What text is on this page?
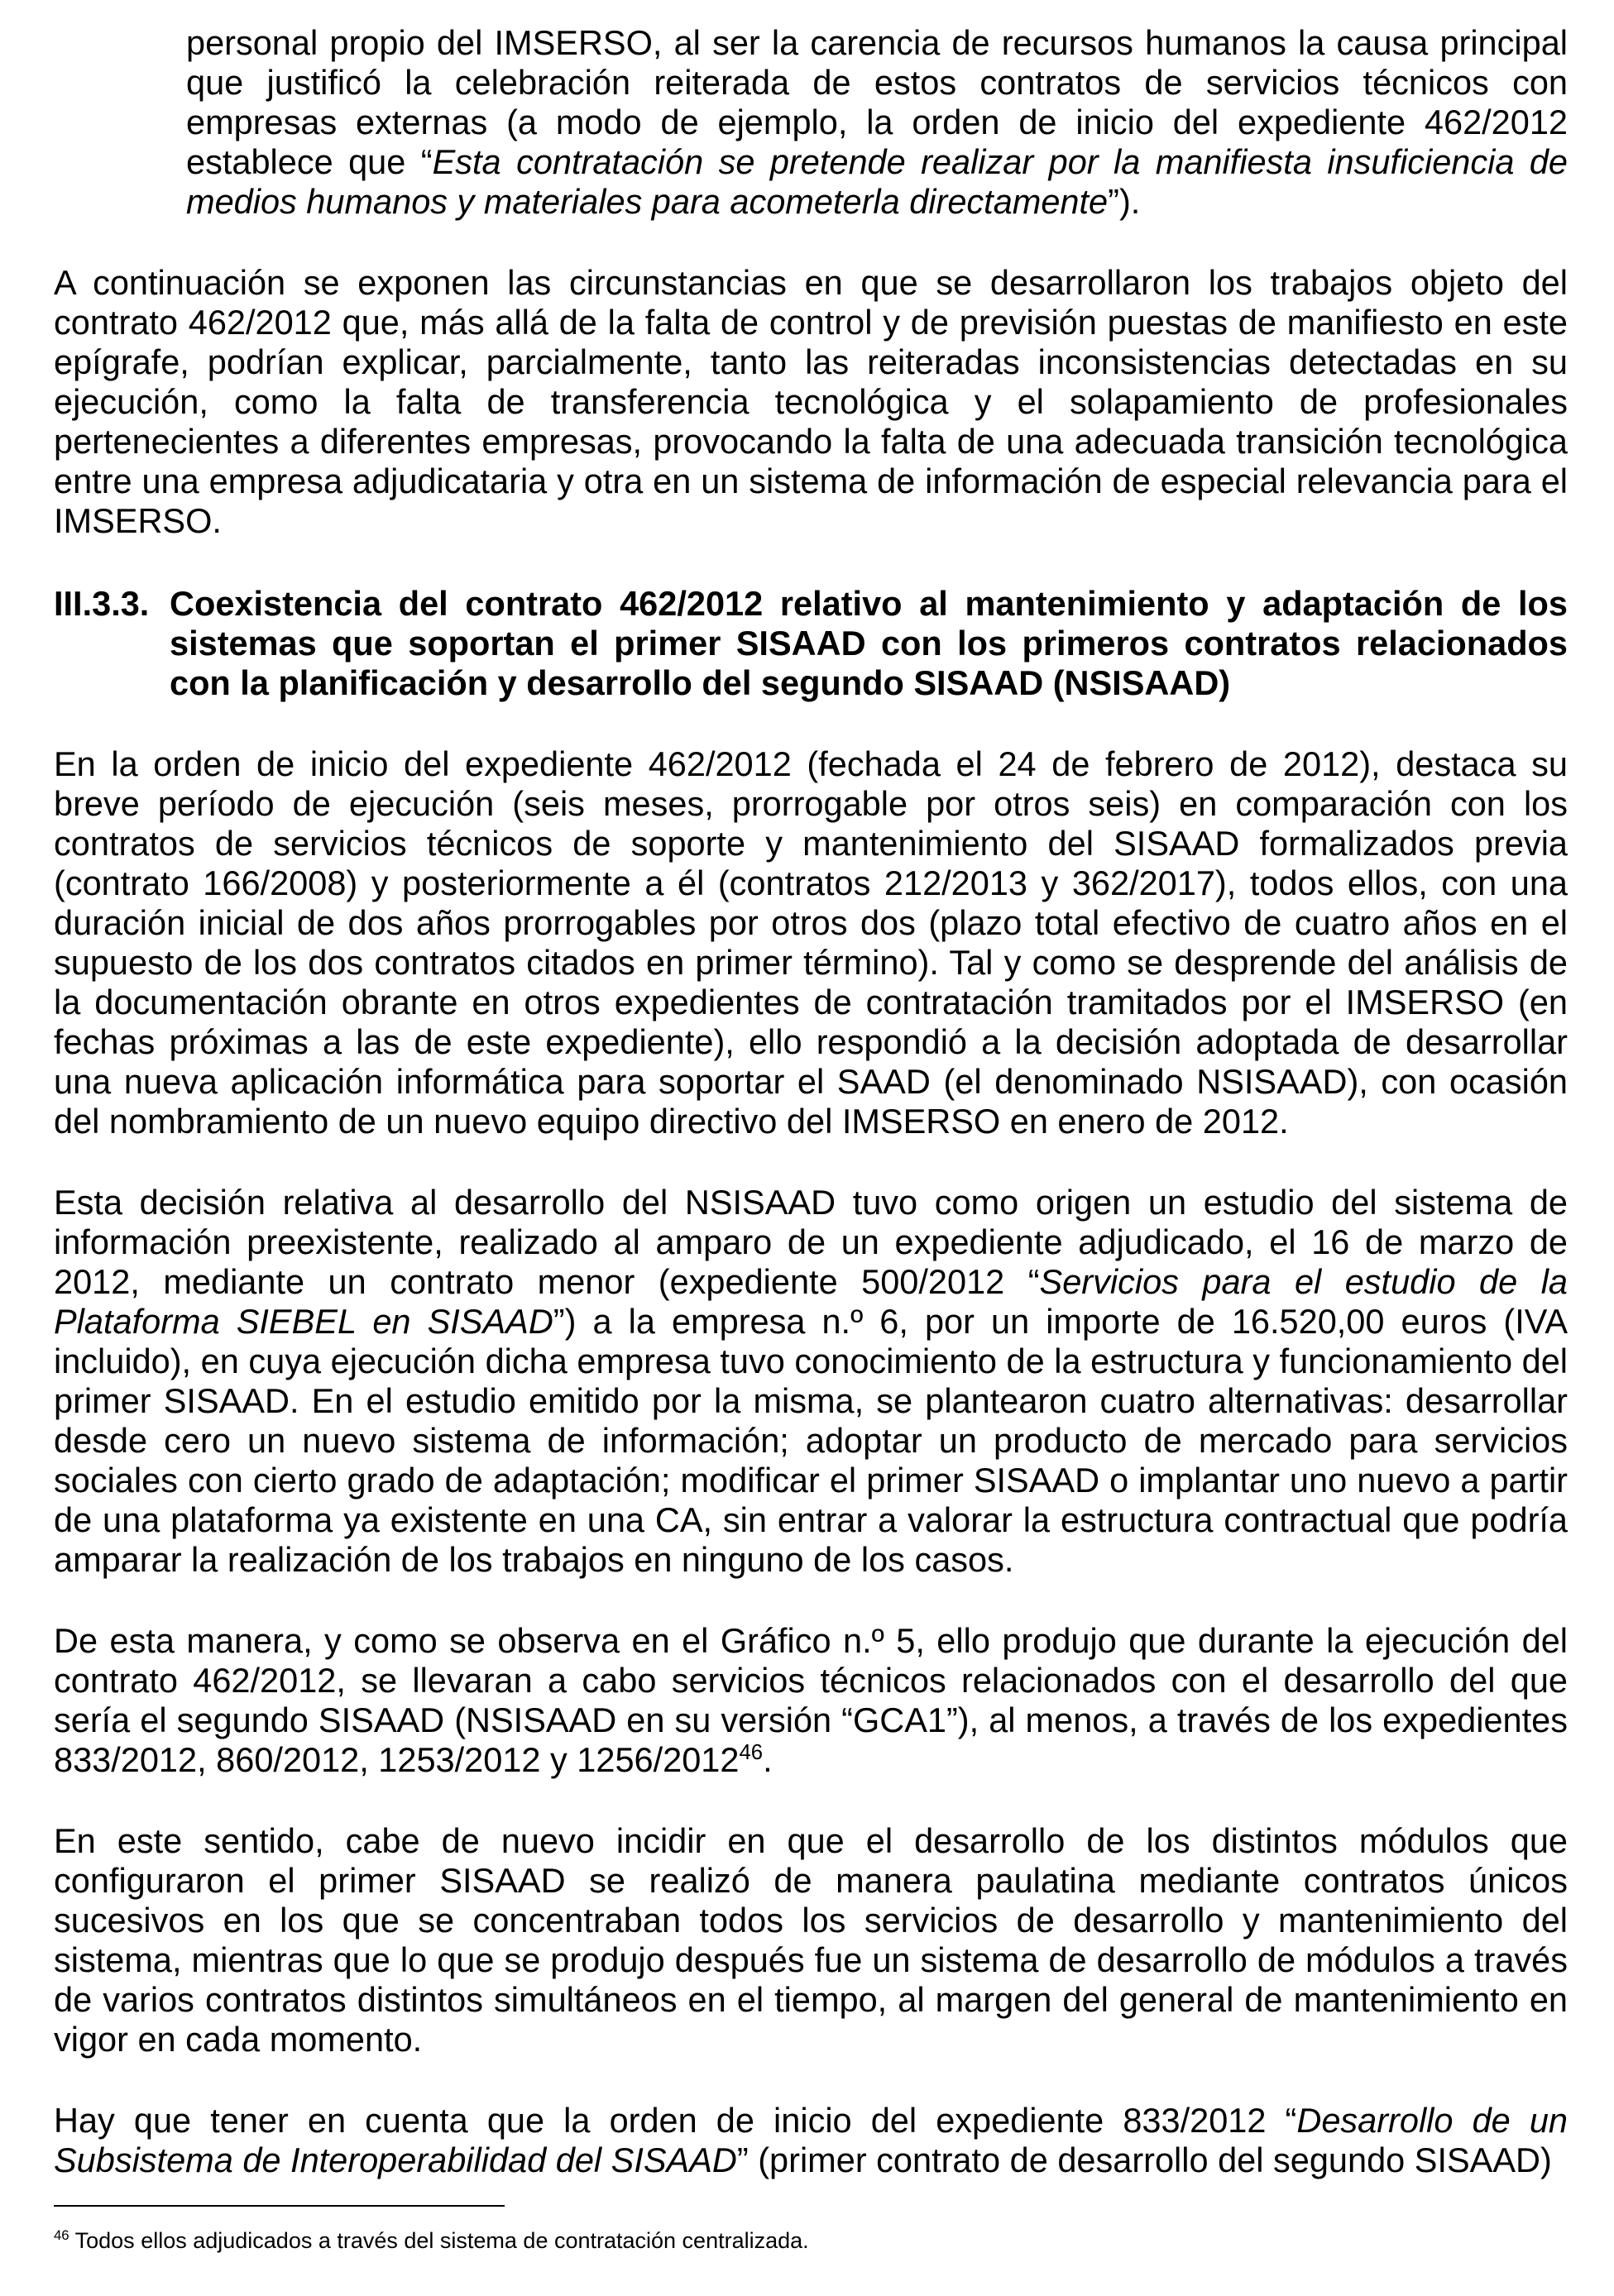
personal propio del IMSERSO, al ser la carencia de recursos humanos la causa principal que justificó la celebración reiterada de estos contratos de servicios técnicos con empresas externas (a modo de ejemplo, la orden de inicio del expediente 462/2012 establece que “Esta contratación se pretende realizar por la manifiesta insuficiencia de medios humanos y materiales para acometerla directamente”).

A continuación se exponen las circunstancias en que se desarrollaron los trabajos objeto del contrato 462/2012 que, más allá de la falta de control y de previsión puestas de manifiesto en este epígrafe, podrían explicar, parcialmente, tanto las reiteradas inconsistencias detectadas en su ejecución, como la falta de transferencia tecnológica y el solapamiento de profesionales pertenecientes a diferentes empresas, provocando la falta de una adecuada transición tecnológica entre una empresa adjudicataria y otra en un sistema de información de especial relevancia para el IMSERSO.

III.3.3. Coexistencia del contrato 462/2012 relativo al mantenimiento y adaptación de los sistemas que soportan el primer SISAAD con los primeros contratos relacionados con la planificación y desarrollo del segundo SISAAD (NSISAAD)

En la orden de inicio del expediente 462/2012 (fechada el 24 de febrero de 2012), destaca su breve período de ejecución (seis meses, prorrogable por otros seis) en comparación con los contratos de servicios técnicos de soporte y mantenimiento del SISAAD formalizados previa (contrato 166/2008) y posteriormente a él (contratos 212/2013 y 362/2017), todos ellos, con una duración inicial de dos años prorrogables por otros dos (plazo total efectivo de cuatro años en el supuesto de los dos contratos citados en primer término). Tal y como se desprende del análisis de la documentación obrante en otros expedientes de contratación tramitados por el IMSERSO (en fechas próximas a las de este expediente), ello respondió a la decisión adoptada de desarrollar una nueva aplicación informática para soportar el SAAD (el denominado NSISAAD), con ocasión del nombramiento de un nuevo equipo directivo del IMSERSO en enero de 2012.

Esta decisión relativa al desarrollo del NSISAAD tuvo como origen un estudio del sistema de información preexistente, realizado al amparo de un expediente adjudicado, el 16 de marzo de 2012, mediante un contrato menor (expediente 500/2012 “Servicios para el estudio de la Plataforma SIEBEL en SISAAD”) a la empresa n.º 6, por un importe de 16.520,00 euros (IVA incluido), en cuya ejecución dicha empresa tuvo conocimiento de la estructura y funcionamiento del primer SISAAD. En el estudio emitido por la misma, se plantearon cuatro alternativas: desarrollar desde cero un nuevo sistema de información; adoptar un producto de mercado para servicios sociales con cierto grado de adaptación; modificar el primer SISAAD o implantar uno nuevo a partir de una plataforma ya existente en una CA, sin entrar a valorar la estructura contractual que podría amparar la realización de los trabajos en ninguno de los casos.

De esta manera, y como se observa en el Gráfico n.º 5, ello produjo que durante la ejecución del contrato 462/2012, se llevaran a cabo servicios técnicos relacionados con el desarrollo del que sería el segundo SISAAD (NSISAAD en su versión “GCA1”), al menos, a través de los expedientes 833/2012, 860/2012, 1253/2012 y 1256/2012$^{46}$.

En este sentido, cabe de nuevo incidir en que el desarrollo de los distintos módulos que configuraron el primer SISAAD se realizó de manera paulatina mediante contratos únicos sucesivos en los que se concentraban todos los servicios de desarrollo y mantenimiento del sistema, mientras que lo que se produjo después fue un sistema de desarrollo de módulos a través de varios contratos distintos simultáneos en el tiempo, al margen del general de mantenimiento en vigor en cada momento.

Hay que tener en cuenta que la orden de inicio del expediente 833/2012 “Desarrollo de un Subsistema de Interoperabilidad del SISAAD” (primer contrato de desarrollo del segundo SISAAD)

$^{46}$ Todos ellos adjudicados a través del sistema de contratación centralizada.
